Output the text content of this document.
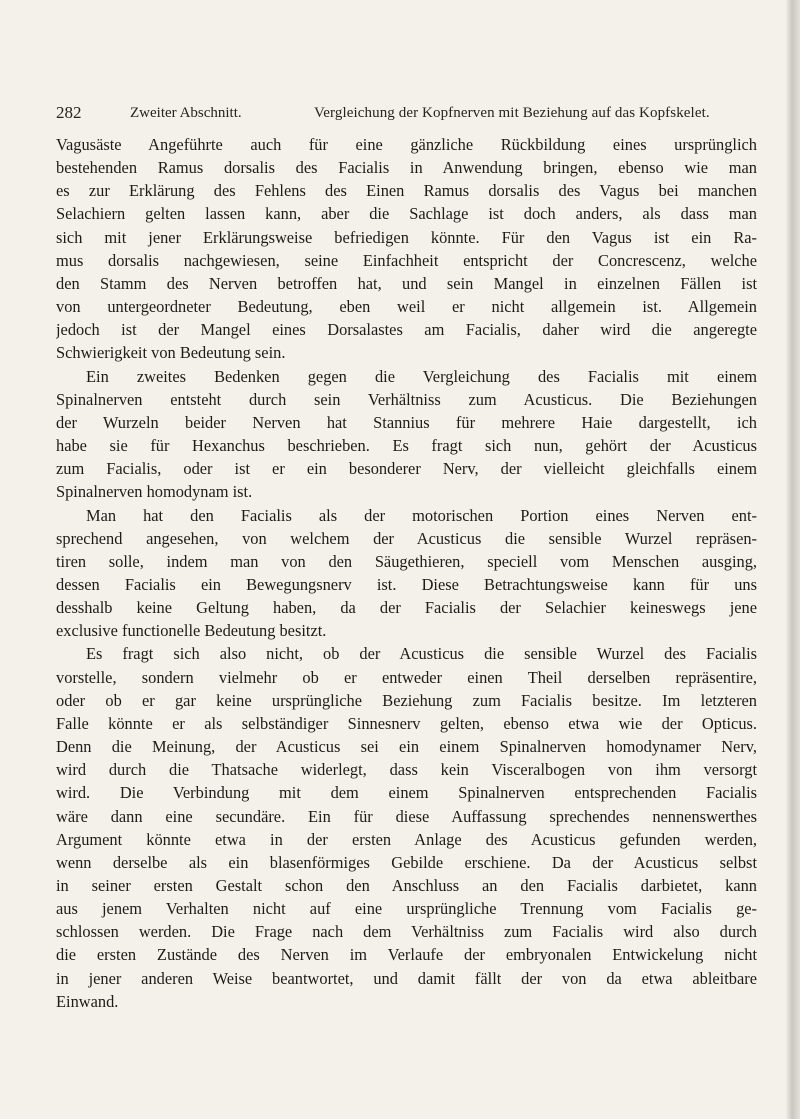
282	Zweiter Abschnitt.	Vergleichung der Kopfnerven mit Beziehung auf das Kopfskelet.

Vagusäste Angeführte auch für eine gänzliche Rückbildung eines ursprünglich
bestehenden Ramus dorsalis des Facialis in Anwendung bringen, ebenso wie man
es zur Erklärung des Fehlens des Einen Ramus dorsalis des Vagus bei manchen
Selachiern gelten lassen kann, aber die Sachlage ist doch anders, als dass man
sich mit jener Erklärungsweise befriedigen könnte. Für den Vagus ist ein Ra-
mus dorsalis nachgewiesen, seine Einfachheit entspricht der Concrescenz, welche
den Stamm des Nerven betroffen hat, und sein Mangel in einzelnen Fällen ist
von untergeordneter Bedeutung, eben weil er nicht allgemein ist. Allgemein
jedoch ist der Mangel eines Dorsalastes am Facialis, daher wird die angeregte
Schwierigkeit von Bedeutung sein.

Ein zweites Bedenken gegen die Vergleichung des Facialis mit einem
Spinalnerven entsteht durch sein Verhältniss zum Acusticus. Die Beziehungen
der Wurzeln beider Nerven hat Stannius für mehrere Haie dargestellt, ich
habe sie für Hexanchus beschrieben. Es fragt sich nun, gehört der Acusticus
zum Facialis, oder ist er ein besonderer Nerv, der vielleicht gleichfalls einem
Spinalnerven homodynam ist.

Man hat den Facialis als der motorischen Portion eines Nerven ent-
sprechend angesehen, von welchem der Acusticus die sensible Wurzel repräsen-
tiren solle, indem man von den Säugethieren, speciell vom Menschen ausging,
dessen Facialis ein Bewegungsnerv ist. Diese Betrachtungsweise kann für uns
desshalb keine Geltung haben, da der Facialis der Selachier keineswegs jene
exclusive functionelle Bedeutung besitzt.

Es fragt sich also nicht, ob der Acusticus die sensible Wurzel des Facialis
vorstelle, sondern vielmehr ob er entweder einen Theil derselben repräsentire,
oder ob er gar keine ursprüngliche Beziehung zum Facialis besitze. Im letzteren
Falle könnte er als selbständiger Sinnesnerv gelten, ebenso etwa wie der Opticus.
Denn die Meinung, der Acusticus sei ein einem Spinalnerven homodynamer Nerv,
wird durch die Thatsache widerlegt, dass kein Visceralbogen von ihm versorgt
wird. Die Verbindung mit dem einem Spinalnerven entsprechenden Facialis
wäre dann eine secundäre. Ein für diese Auffassung sprechendes nennenswerthes
Argument könnte etwa in der ersten Anlage des Acusticus gefunden werden,
wenn derselbe als ein blasenförmiges Gebilde erschiene. Da der Acusticus selbst
in seiner ersten Gestalt schon den Anschluss an den Facialis darbietet, kann
aus jenem Verhalten nicht auf eine ursprüngliche Trennung vom Facialis ge-
schlossen werden. Die Frage nach dem Verhältniss zum Facialis wird also durch
die ersten Zustände des Nerven im Verlaufe der embryonalen Entwickelung nicht
in jener anderen Weise beantwortet, und damit fällt der von da etwa ableitbare
Einwand.
